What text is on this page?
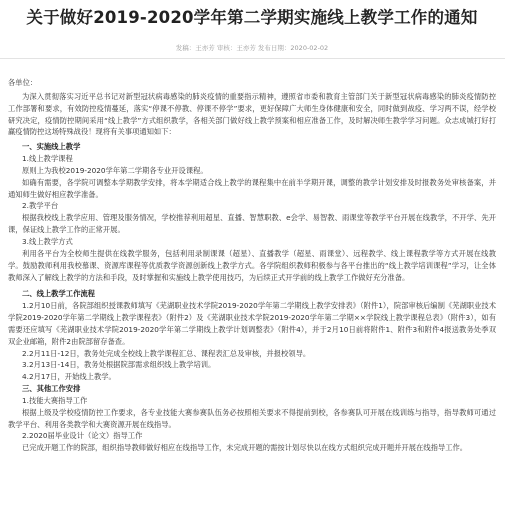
关于做好2019-2020学年第二学期实施线上教学工作的通知
发稿：王亦芳 审核：王亦芳 发布日期：2020-02-02

各单位：

为深入贯彻落实习近平总书记对新型冠状病毒感染的肺炎疫情的重要指示精神，遵照省市委和教育主管部门关于新型冠状病毒感染的肺炎疫情防控工作部署和要求，有效防控疫情蔓延，落实“停课不停教、停课不停学”要求，更好保障广大师生身体健康和安全，同时做到战疫、学习两不误，经学校研究决定，疫情防控期间采用“线上教学”方式组织教学，各相关部门做好线上教学预案和相应准备工作，及时解决师生教学学习问题。众志成城打好打赢疫情防控这场特殊战役！现将有关事项通知如下：

一、实施线上教学

1.线上教学课程

原则上为我校2019-2020学年第二学期各专业开设课程。

如确有需要，各学院可调整本学期教学安排，将本学期适合线上教学的课程集中在前半学期开课，调整的教学计划安排及时报教务处审核备案，并通知师生做好相应教学准备。

2.教学平台

根据我校线上教学应用、管理及服务情况，学校推荐利用超星、直播、智慧职教、e会学、易智教、雨课堂等教学平台开展在线教学，不开学、先开课，保证线上教学工作的正常开展。

3.线上教学方式

利用各平台为全校师生提供在线教学服务，包括利用录制课课（超星）、直播教学（超星、雨课堂）、远程教学、线上课程教学等方式开展在线教学。鼓励教师利用我校慕课、资源库课程等优质教学资源创新线上教学方式。各学院组织教师积极参与各平台推出的“线上教学培训课程”学习，让全体教师深入了解线上教学的方法和手段，及时掌握和实施线上教学使用技巧，为后续正式开学前的线上教学工作做好充分准备。

二、线上教学工作流程

1.2月10日前，各院部组织授课教师填写《芜湖职业技术学院2019-2020学年第二学期线上教学安排表》（附件1），院部审核后编制《芜湖职业技术学院2019-2020学年第二学期线上教学课程表》（附件2）及《芜湖职业技术学院2019-2020学年第二学期××学院线上教学课程总表》（附件3），如有需要还应填写《芜湖职业技术学院2019-2020学年第二学期线上教学计划调整表》（附件4），并于2月10日前将附件1、附件3和附件4报送教务处季双双企业邮箱，附件2由院部留存备查。

2.2月11日-12日，教务处完成全校线上教学课程汇总、课程表汇总及审核，并报校领导。

3.2月13日-14日，教务处根据院部需求组织线上教学培训。

4.2月17日，开始线上教学。

三、其他工作安排

1.技能大赛指导工作

根据上级及学校疫情防控工作要求，各专业技能大赛参赛队伍务必按照相关要求不得提前到校，各参赛队可开展在线训练与指导，指导教师可通过教学平台、利用各类教学和大赛资源开展在线指导。

2.2020届毕业设计（论文）指导工作

已完成开题工作的院部，组织指导教师做好相应在线指导工作，未完成开题的需按计划尽快以在线方式组织完成开题并开展在线指导工作。
